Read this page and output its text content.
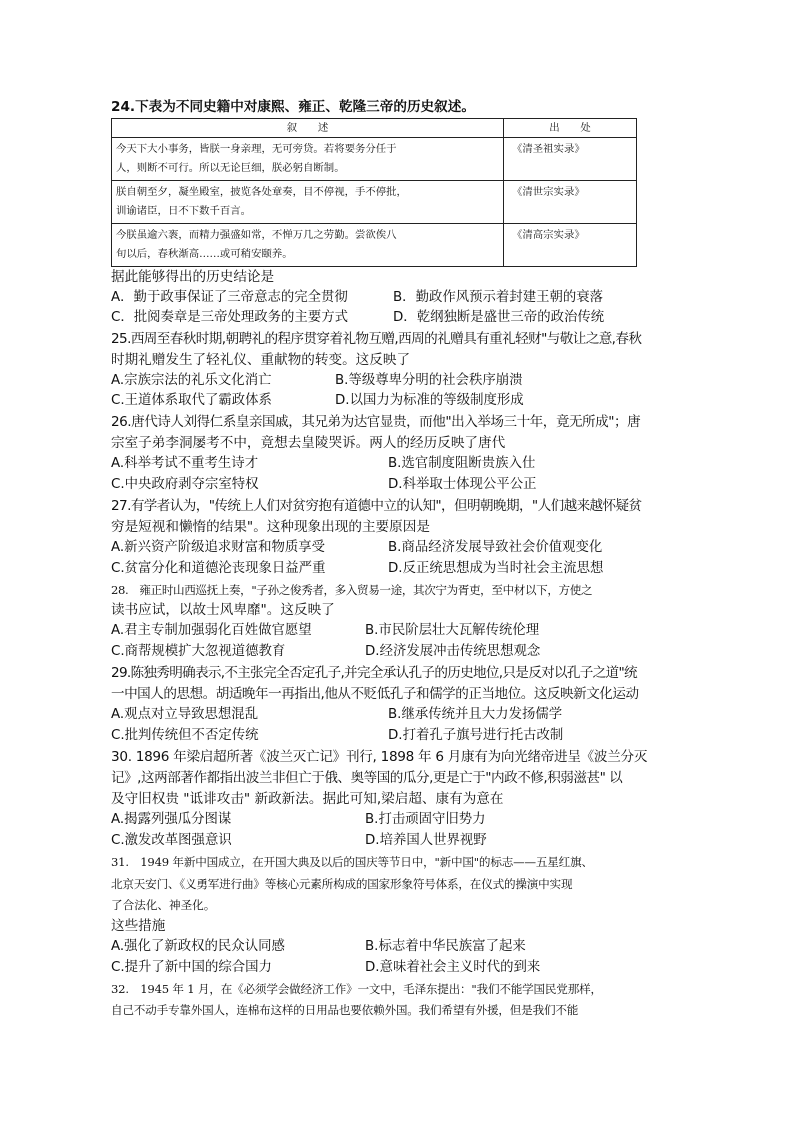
24.下表为不同史籍中对康熙、雍正、乾隆三帝的历史叙述。
叙　　述	出　　处

今天下大小事务，皆朕一身亲理，无可旁贷。若将要务分任于
人，则断不可行。所以无论巨细，朕必躬自断制。	《清圣祖实录》

朕自朝至夕，凝坐殿室，披览各处章奏，目不停视，手不停批，
训谕诸臣，日不下数千百言。	《清世宗实录》

今朕虽逾六袠，而精力强盛如常，不惮万几之劳勤。尝欲俟八
旬以后，春秋渐高……或可稍安颐养。	《清高宗实录》
据此能够得出的历史结论是
A．勤于政事保证了三帝意志的完全贯彻	B．勤政作风预示着封建王朝的衰落
C．批阅奏章是三帝处理政务的主要方式	D．乾纲独断是盛世三帝的政治传统
25.西周至春秋时期,朝聘礼的程序贯穿着礼物互赠,西周的礼赠具有重礼轻财"与敬让之意,春秋
时期礼赠发生了轻礼仪、重献物的转变。这反映了
A.宗族宗法的礼乐文化消亡	B.等级尊卑分明的社会秩序崩溃
C.王道体系取代了霸政体系	D.以国力为标准的等级制度形成
26.唐代诗人刘得仁系皇亲国戚，其兄弟为达官显贵，而他"出入举场三十年，竟无所成"；唐
宗室子弟李洞屡考不中，竟想去皇陵哭诉。两人的经历反映了唐代
A.科举考试不重考生诗才	B.选官制度阻断贵族入仕
C.中央政府剥夺宗室特权	D.科举取士体现公平公正
27.有学者认为，"传统上人们对贫穷抱有道德中立的认知"，但明朝晚期，"人们越来越怀疑贫
穷是短视和懒惰的结果"。这种现象出现的主要原因是
A.新兴资产阶级追求财富和物质享受	B.商品经济发展导致社会价值观变化
C.贫富分化和道德沦丧现象日益严重	D.反正统思想成为当时社会主流思想
28.　雍正时山西巡抚上奏，"子孙之俊秀者，多入贸易一途，其次宁为胥吏，至中材以下，方使之
读书应试，以故士风卑靡"。这反映了
A.君主专制加强弱化百姓做官愿望	B.市民阶层壮大瓦解传统伦理
C.商帮规模扩大忽视道德教育	D.经济发展冲击传统思想观念
29.陈独秀明确表示,不主张完全否定孔子,并完全承认孔子的历史地位,只是反对以孔子之道"统
一中国人的思想。胡适晚年一再指出,他从不贬低孔子和儒学的正当地位。这反映新文化运动
A.观点对立导致思想混乱	B.继承传统并且大力发扬儒学
C.批判传统但不否定传统	D.打着孔子旗号进行托古改制
30. 1896 年梁启超所著《波兰灭亡记》刊行, 1898 年 6 月康有为向光绪帝进呈《波兰分灭
记》,这两部著作都指出波兰非但亡于俄、奥等国的瓜分,更是亡于"内政不修,积弱滋甚" 以
及守旧权贵 "诋诽攻击" 新政新法。据此可知,梁启超、康有为意在
A.揭露列强瓜分图谋	B.打击顽固守旧势力
C.激发改革图强意识	D.培养国人世界视野
31.　1949 年新中国成立，在开国大典及以后的国庆等节日中，"新中国"的标志——五星红旗、
北京天安门、《义勇军进行曲》等核心元素所构成的国家形象符号体系，在仪式的操演中实现
了合法化、神圣化。
这些措施
A.强化了新政权的民众认同感	B.标志着中华民族富了起来
C.提升了新中国的综合国力	D.意味着社会主义时代的到来
32.　1945 年 1 月，在《必须学会做经济工作》一文中，毛泽东提出："我们不能学国民党那样，
自己不动手专靠外国人，连棉布这样的日用品也要依赖外国。我们希望有外援，但是我们不能
